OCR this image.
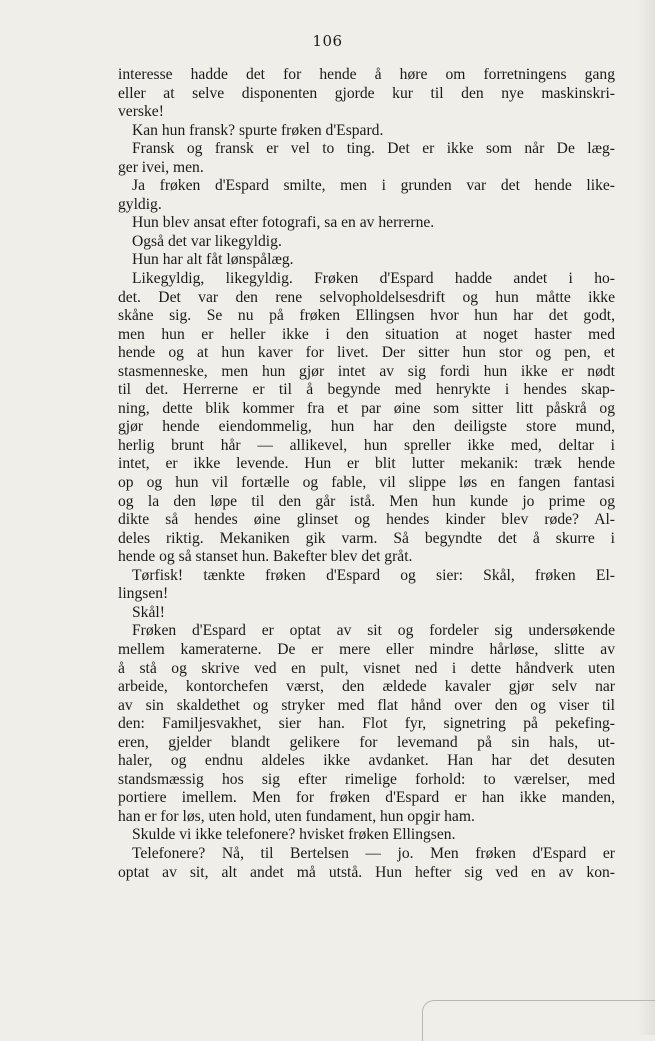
106
interesse hadde det for hende å høre om forretningens gang
eller at selve disponenten gjorde kur til den nye maskinskri-
verske!
Kan hun fransk? spurte frøken d'Espard.
Fransk og fransk er vel to ting. Det er ikke som når De læg-
ger ivei, men.
Ja frøken d'Espard smilte, men i grunden var det hende like-
gyldig.
Hun blev ansat efter fotografi, sa en av herrerne.
Også det var likegyldig.
Hun har alt fåt lønspålæg.
Likegyldig, likegyldig. Frøken d'Espard hadde andet i ho-
det. Det var den rene selvopholdelsesdrift og hun måtte ikke
skåne sig. Se nu på frøken Ellingsen hvor hun har det godt,
men hun er heller ikke i den situation at noget haster med
hende og at hun kaver for livet. Der sitter hun stor og pen, et
stasmenneske, men hun gjør intet av sig fordi hun ikke er nødt
til det. Herrerne er til å begynde med henrykte i hendes skap-
ning, dette blik kommer fra et par øine som sitter litt påskrå og
gjør hende eiendommelig, hun har den deiligste store mund,
herlig brunt hår — allikevel, hun spreller ikke med, deltar i
intet, er ikke levende. Hun er blit lutter mekanik: træk hende
op og hun vil fortælle og fable, vil slippe løs en fangen fantasi
og la den løpe til den går istå. Men hun kunde jo prime og
dikte så hendes øine glinset og hendes kinder blev røde? Al-
deles riktig. Mekaniken gik varm. Så begyndte det å skurre i
hende og så stanset hun. Bakefter blev det gråt.
Tørfisk! tænkte frøken d'Espard og sier: Skål, frøken El-
lingsen!
Skål!
Frøken d'Espard er optat av sit og fordeler sig undersøkende
mellem kameraterne. De er mere eller mindre hårløse, slitte av
å stå og skrive ved en pult, visnet ned i dette håndverk uten
arbeide, kontorchefen værst, den ældede kavaler gjør selv nar
av sin skaldethet og stryker med flat hånd over den og viser til
den: Familjesvakhet, sier han. Flot fyr, signetring på pekefing-
eren, gjelder blandt gelikere for levemand på sin hals, ut-
haler, og endnu aldeles ikke avdanket. Han har det desuten
standsmæssig hos sig efter rimelige forhold: to værelser, med
portiere imellem. Men for frøken d'Espard er han ikke manden,
han er for løs, uten hold, uten fundament, hun opgir ham.
Skulde vi ikke telefonere? hvisket frøken Ellingsen.
Telefonere? Nå, til Bertelsen — jo. Men frøken d'Espard er
optat av sit, alt andet må utstå. Hun hefter sig ved en av kon-
